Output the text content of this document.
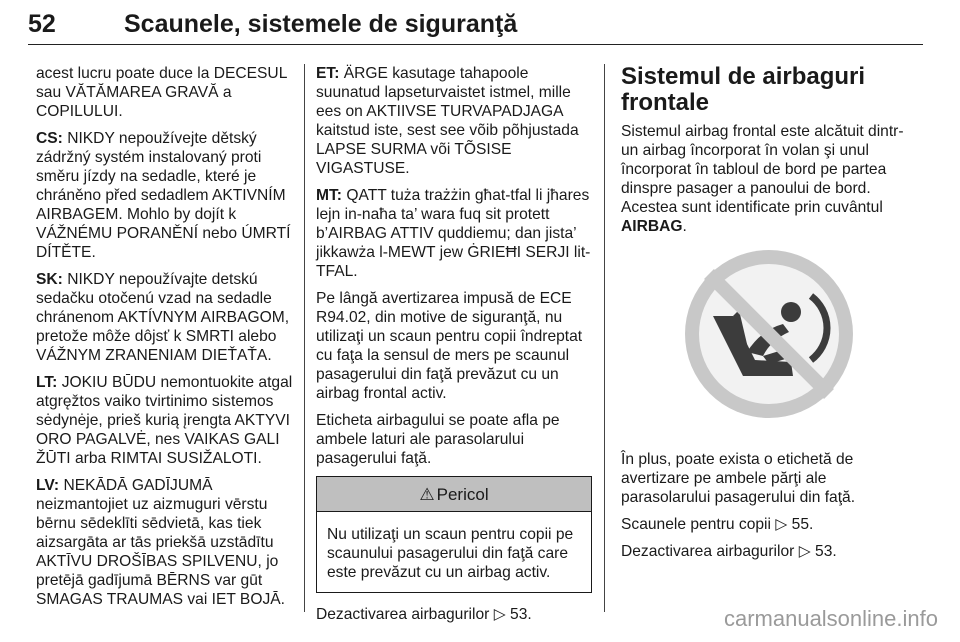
52	Scaunele, sistemele de siguranţă

acest lucru poate duce la DECESUL sau VĂTĂMAREA GRAVĂ a COPILULUI.

CS: NIKDY nepoužívejte dětský zádržný systém instalovaný proti směru jízdy na sedadle, které je chráněno před sedadlem AKTIVNÍM AIRBAGEM. Mohlo by dojít k VÁŽNÉMU PORANĚNÍ nebo ÚMRTÍ DÍTĚTE.

SK: NIKDY nepoužívajte detskú sedačku otočenú vzad na sedadle chránenom AKTÍVNYM AIRBAGOM, pretože môže dôjsť k SMRTI alebo VÁŽNYM ZRANENIAM DIEŤAŤA.

LT: JOKIU BŪDU nemontuokite atgal atgręžtos vaiko tvirtinimo sistemos sėdynėje, prieš kurią įrengta AKTYVI ORO PAGALVĖ, nes VAIKAS GALI ŽŪTI arba RIMTAI SUSIŽALOTI.

LV: NEKĀDĀ GADĪJUMĀ neizmantojiet uz aizmuguri vērstu bērnu sēdeklīti sēdvietā, kas tiek aizsargāta ar tās priekšā uzstādītu AKTĪVU DROŠĪBAS SPILVENU, jo pretējā gadījumā BĒRNS var gūt SMAGAS TRAUMAS vai IET BOJĀ.

ET: ÄRGE kasutage tahapoole suunatud lapseturvaistet istmel, mille ees on AKTIIVSE TURVAPADJAGA kaitstud iste, sest see võib põhjustada LAPSE SURMA või TÕSISE VIGASTUSE.

MT: QATT tuża trażżin għat-tfal li jħares lejn in-naħa ta’ wara fuq sit protett b’AIRBAG ATTIV quddiemu; dan jista’ jikkawża l-MEWT jew ĠRIEĦI SERJI lit-TFAL.

Pe lângă avertizarea impusă de ECE R94.02, din motive de siguranţă, nu utilizaţi un scaun pentru copii îndreptat cu faţa la sensul de mers pe scaunul pasagerului din faţă prevăzut cu un airbag frontal activ.

Eticheta airbagului se poate afla pe ambele laturi ale parasolarului pasagerului faţă.

⚠ Pericol
Nu utilizaţi un scaun pentru copii pe scaunului pasagerului din faţă care este prevăzut cu un airbag activ.

Dezactivarea airbagurilor ▷ 53.

Sistemul de airbaguri frontale

Sistemul airbag frontal este alcătuit dintr-un airbag încorporat în volan şi unul încorporat în tabloul de bord pe partea dinspre pasager a panoului de bord. Acestea sunt identificate prin cuvântul AIRBAG.

În plus, poate exista o etichetă de avertizare pe ambele părţi ale parasolarului pasagerului din faţă.

Scaunele pentru copii ▷ 55.

Dezactivarea airbagurilor ▷ 53.

carmanualsonline.info
